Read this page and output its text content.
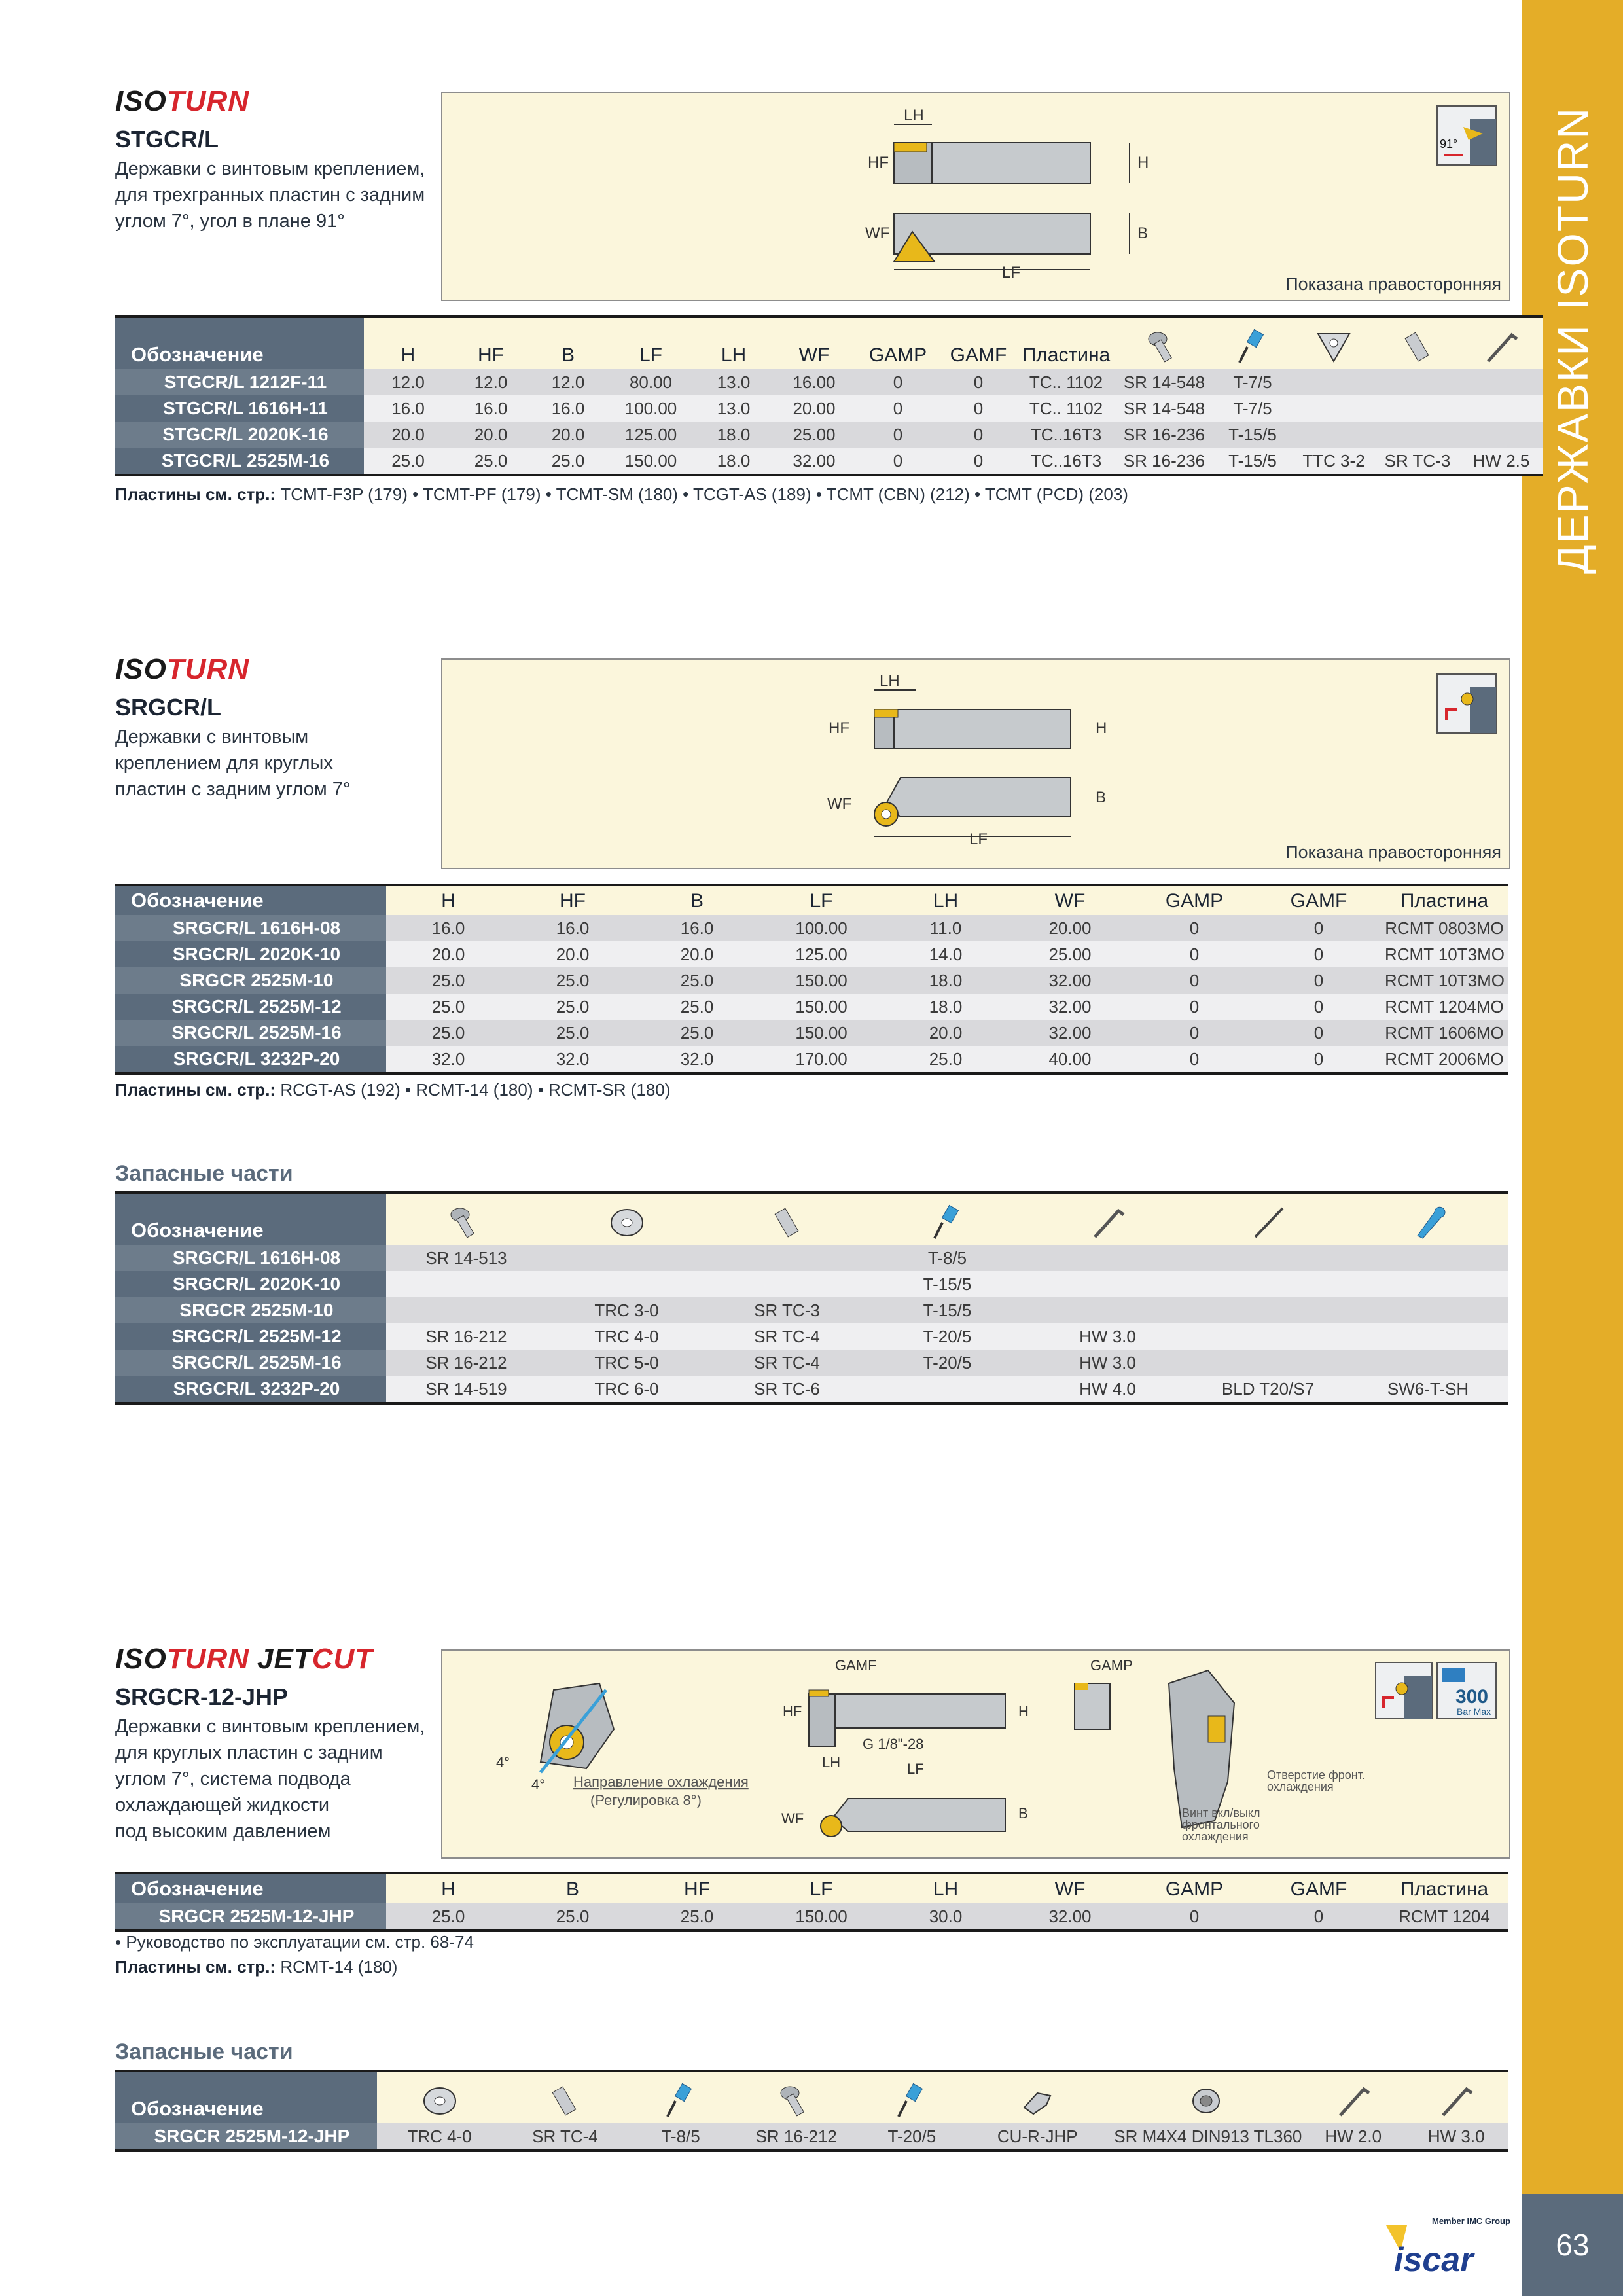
ДЕРЖАВКИ ISOTURN
63
Member IMC Group
iscar
ISOTURN
STGCR/L
Державки с винтовым креплением,
для трехгранных пластин с задним
углом 7°, угол в плане 91°
LH
HF	H
WF	B
LF
91°
Показана правосторонняя
Обозначение	H	HF	B	LF	LH	WF	GAMP	GAMF	Пластина	

STGCR/L 1212F-11	12.0	12.0	12.0	80.00	13.0	16.00	0	0	TC.. 1102	SR 14-548	T-7/5			
STGCR/L 1616H-11	16.0	16.0	16.0	100.00	13.0	20.00	0	0	TC.. 1102	SR 14-548	T-7/5			
STGCR/L 2020K-16	20.0	20.0	20.0	125.00	18.0	25.00	0	0	TC..16T3	SR 16-236	T-15/5			
STGCR/L 2525M-16	25.0	25.0	25.0	150.00	18.0	32.00	0	0	TC..16T3	SR 16-236	T-15/5	TTC 3-2	SR TC-3	HW 2.5
Пластины см. стр.: TCMT-F3P (179) • TCMT-PF (179) • TCMT-SM (180) • TCGT-AS (189) • TCMT (CBN) (212) • TCMT (PCD) (203)
ISOTURN
SRGCR/L
Державки с винтовым
креплением для круглых
пластин с задним углом 7°
LH
HF	H
WF	B
LF
Показана правосторонняя
Обозначение	H	HF	B	LF	LH	WF	GAMP	GAMF	Пластина
SRGCR/L 1616H-08	16.0	16.0	16.0	100.00	11.0	20.00	0	0	RCMT 0803MO
SRGCR/L 2020K-10	20.0	20.0	20.0	125.00	14.0	25.00	0	0	RCMT 10T3MO
SRGCR 2525M-10	25.0	25.0	25.0	150.00	18.0	32.00	0	0	RCMT 10T3MO
SRGCR/L 2525M-12	25.0	25.0	25.0	150.00	18.0	32.00	0	0	RCMT 1204MO
SRGCR/L 2525M-16	25.0	25.0	25.0	150.00	20.0	32.00	0	0	RCMT 1606MO
SRGCR/L 3232P-20	32.0	32.0	32.0	170.00	25.0	40.00	0	0	RCMT 2006MO
Пластины см. стр.: RCGT-AS (192) • RCMT-14 (180) • RCMT-SR (180)
Запасные части
Обозначение	

SRGCR/L 1616H-08	SR 14-513			T-8/5			
SRGCR/L 2020K-10				T-15/5			
SRGCR 2525M-10		TRC 3-0	SR TC-3	T-15/5			
SRGCR/L 2525M-12	SR 16-212	TRC 4-0	SR TC-4	T-20/5	HW 3.0		
SRGCR/L 2525M-16	SR 16-212	TRC 5-0	SR TC-4	T-20/5	HW 3.0		
SRGCR/L 3232P-20	SR 14-519	TRC 6-0	SR TC-6		HW 4.0	BLD T20/S7	SW6-T-SH
ISOTURN JETCUT
SRGCR-12-JHP
Державки с винтовым креплением,
для круглых пластин с задним
углом 7°, система подвода
охлаждающей жидкости
под высоким давлением
4°
4° Направление охлаждения
(Регулировка 8°)
GAMF
HF	H
G 1/8"-28
LH	LF
WF	B
GAMP
Отверстие фронт.
охлаждения
Винт вкл/выкл
фронтального
охлаждения
300
Bar Max
Обозначение	H	B	HF	LF	LH	WF	GAMP	GAMF	Пластина
SRGCR 2525M-12-JHP	25.0	25.0	25.0	150.00	30.0	32.00	0	0	RCMT 1204
• Руководство по эксплуатации см. стр. 68-74
Пластины см. стр.: RCMT-14 (180)
Запасные части
Обозначение	

SRGCR 2525M-12-JHP	TRC 4-0	SR TC-4	T-8/5	SR 16-212	T-20/5	CU-R-JHP	SR M4X4 DIN913 TL360	HW 2.0	HW 3.0
